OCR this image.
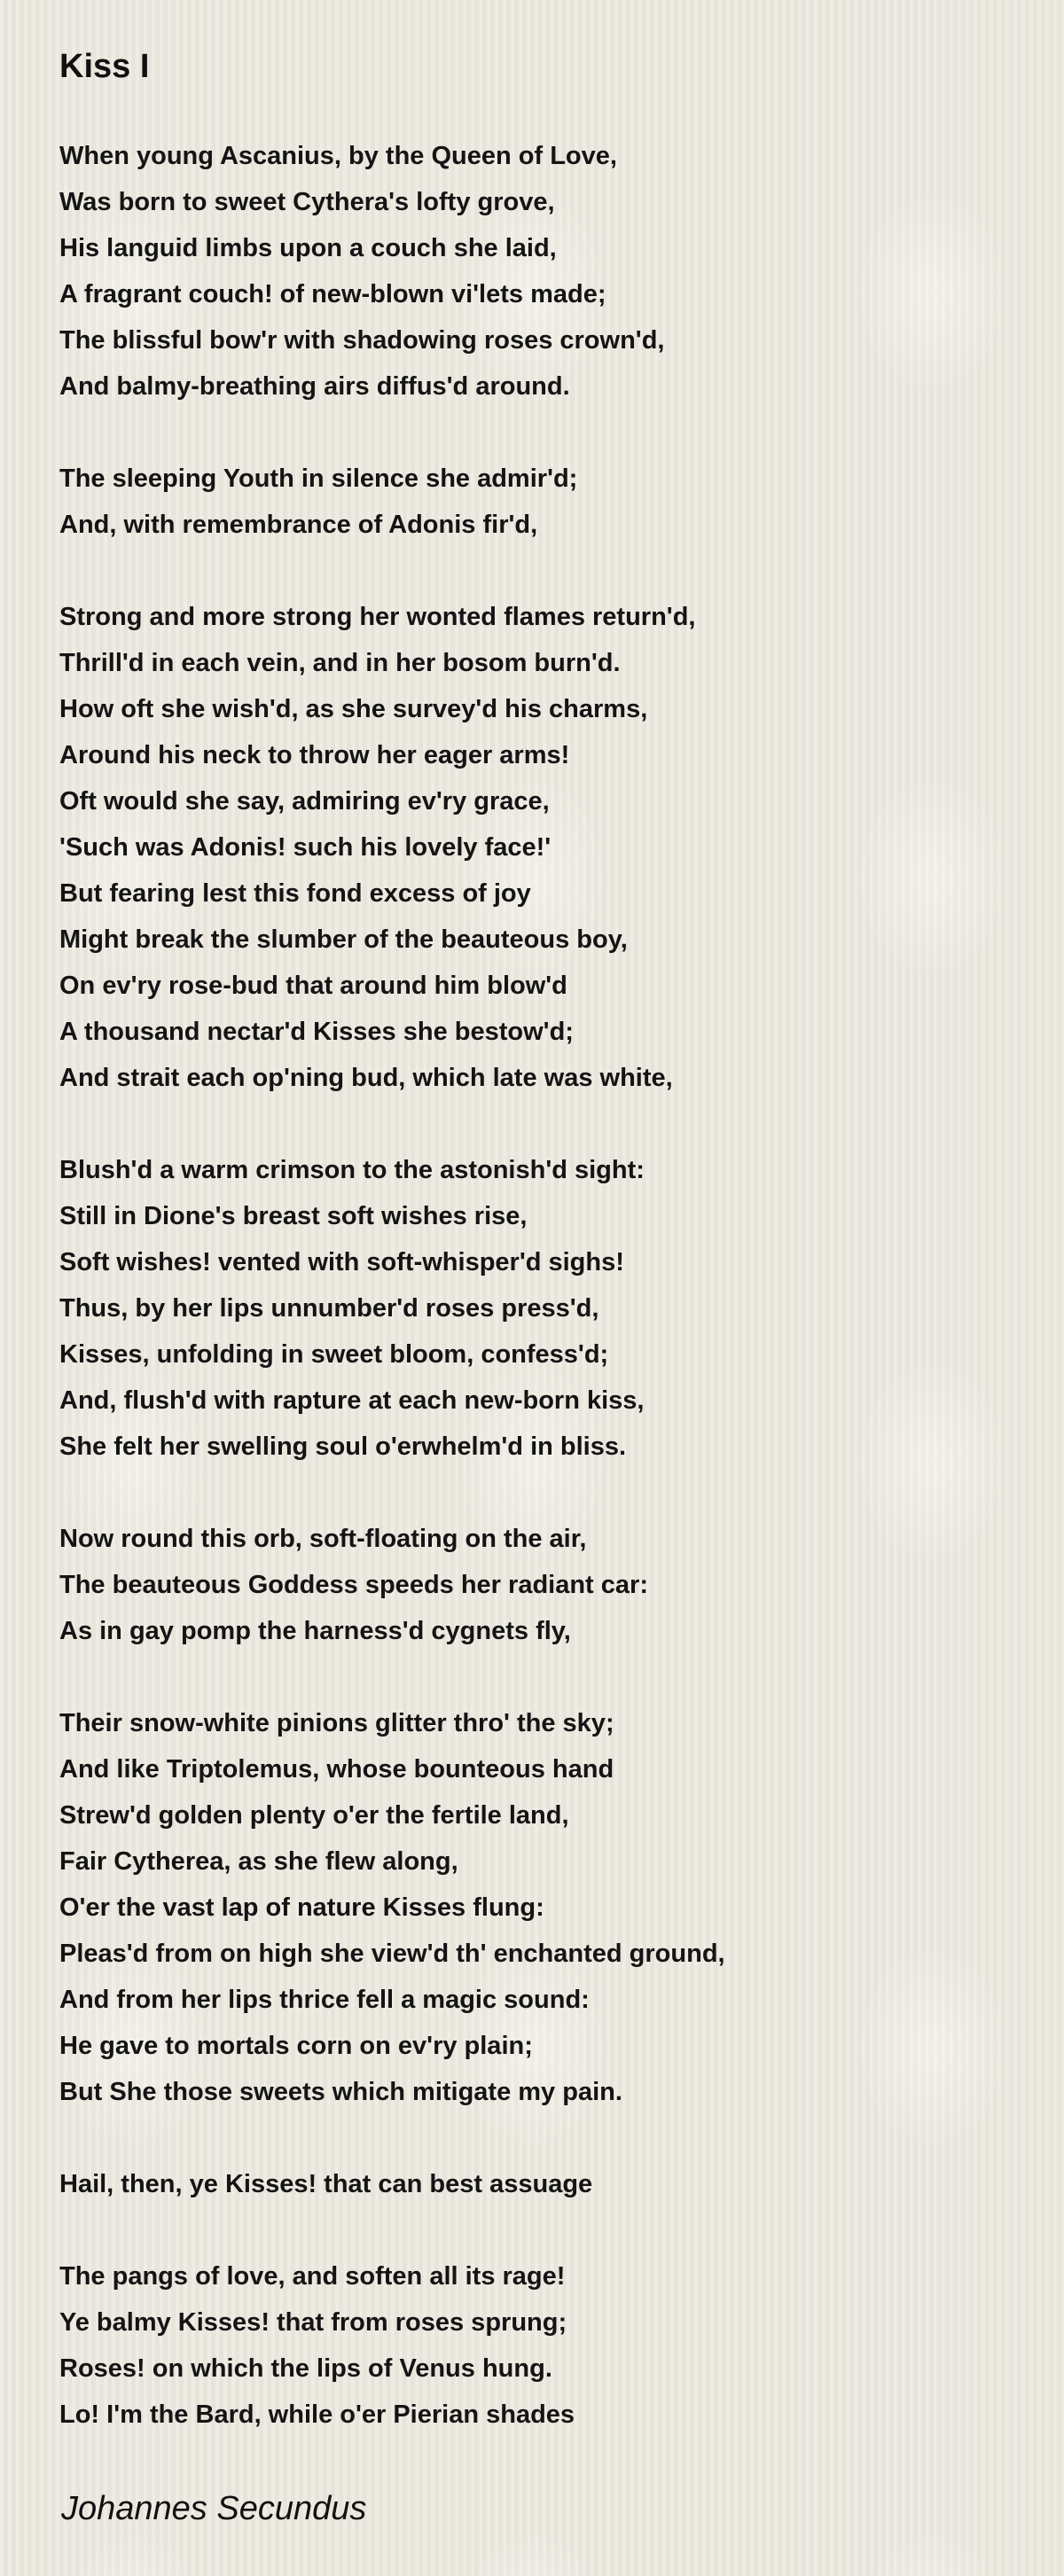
Kiss I
When young Ascanius, by the Queen of Love,
Was born to sweet Cythera's lofty grove,
His languid limbs upon a couch she laid,
A fragrant couch! of new-blown vi'lets made;
The blissful bow'r with shadowing roses crown'd,
And balmy-breathing airs diffus'd around.
The sleeping Youth in silence she admir'd;
And, with remembrance of Adonis fir'd,
Strong and more strong her wonted flames return'd,
Thrill'd in each vein, and in her bosom burn'd.
How oft she wish'd, as she survey'd his charms,
Around his neck to throw her eager arms!
Oft would she say, admiring ev'ry grace,
'Such was Adonis! such his lovely face!'
But fearing lest this fond excess of joy
Might break the slumber of the beauteous boy,
On ev'ry rose-bud that around him blow'd
A thousand nectar'd Kisses she bestow'd;
And strait each op'ning bud, which late was white,
Blush'd a warm crimson to the astonish'd sight:
Still in Dione's breast soft wishes rise,
Soft wishes! vented with soft-whisper'd sighs!
Thus, by her lips unnumber'd roses press'd,
Kisses, unfolding in sweet bloom, confess'd;
And, flush'd with rapture at each new-born kiss,
She felt her swelling soul o'erwhelm'd in bliss.
Now round this orb, soft-floating on the air,
The beauteous Goddess speeds her radiant car:
As in gay pomp the harness'd cygnets fly,
Their snow-white pinions glitter thro' the sky;
And like Triptolemus, whose bounteous hand
Strew'd golden plenty o'er the fertile land,
Fair Cytherea, as she flew along,
O'er the vast lap of nature Kisses flung:
Pleas'd from on high she view'd th' enchanted ground,
And from her lips thrice fell a magic sound:
He gave to mortals corn on ev'ry plain;
But She those sweets which mitigate my pain.
Hail, then, ye Kisses! that can best assuage
The pangs of love, and soften all its rage!
Ye balmy Kisses! that from roses sprung;
Roses! on which the lips of Venus hung.
Lo! I'm the Bard, while o'er Pierian shades

Johannes Secundus
